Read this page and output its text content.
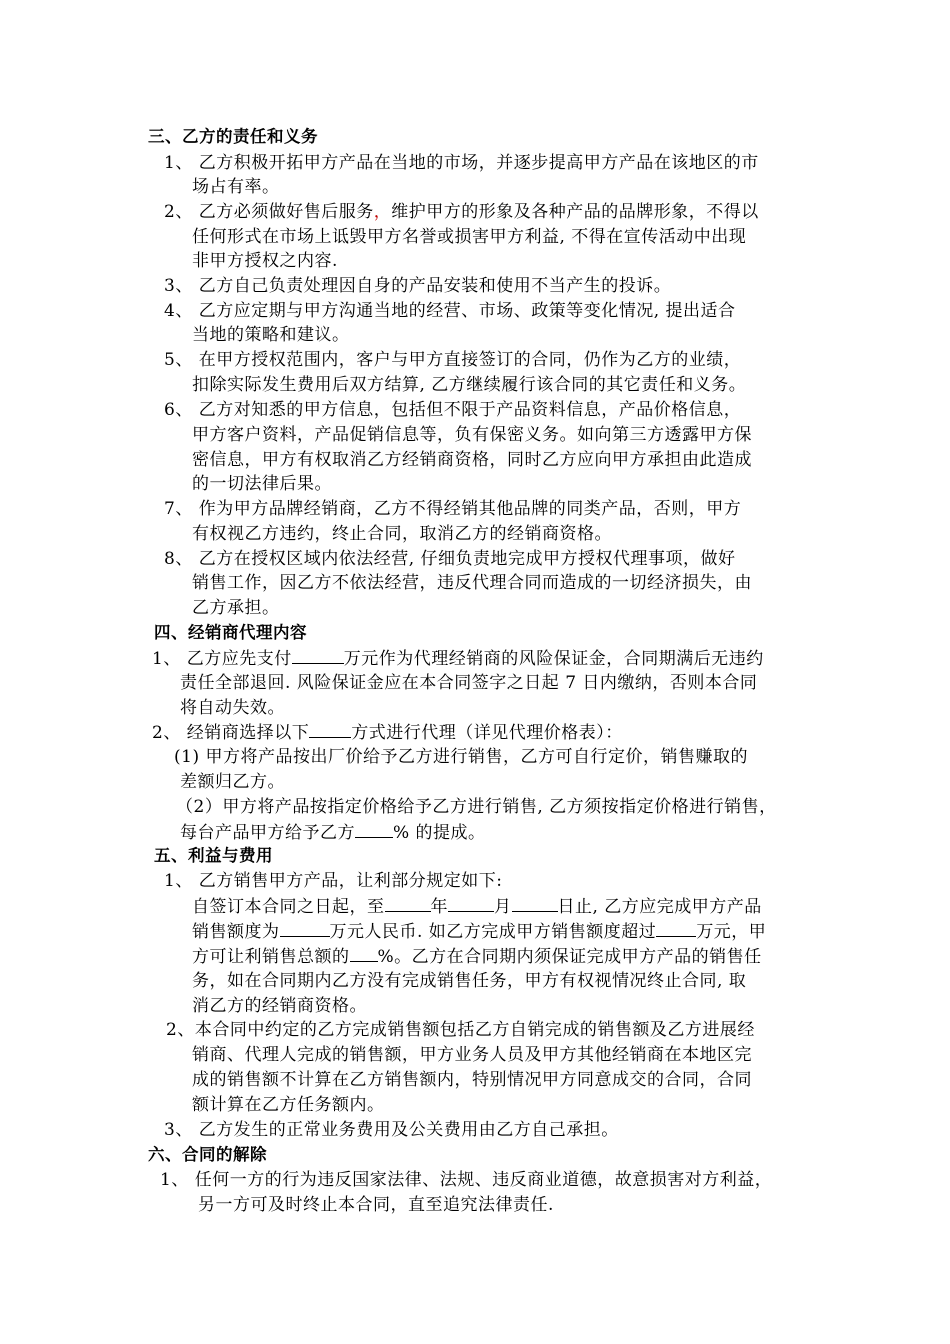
三、乙方的责任和义务
1、 乙方积极开拓甲方产品在当地的市场，并逐步提高甲方产品在该地区的市
场占有率。
2、 乙方必须做好售后服务，维护甲方的形象及各种产品的品牌形象，不得以
任何形式在市场上诋毁甲方名誉或损害甲方利益, 不得在宣传活动中出现
非甲方授权之内容.
3、 乙方自己负责处理因自身的产品安装和使用不当产生的投诉。
4、 乙方应定期与甲方沟通当地的经营、市场、政策等变化情况, 提出适合
当地的策略和建议。
5、 在甲方授权范围内，客户与甲方直接签订的合同，仍作为乙方的业绩，
扣除实际发生费用后双方结算, 乙方继续履行该合同的其它责任和义务。
6、 乙方对知悉的甲方信息，包括但不限于产品资料信息，产品价格信息，
甲方客户资料，产品促销信息等，负有保密义务。如向第三方透露甲方保
密信息，甲方有权取消乙方经销商资格，同时乙方应向甲方承担由此造成
的一切法律后果。
7、 作为甲方品牌经销商，乙方不得经销其他品牌的同类产品，否则，甲方
有权视乙方违约，终止合同，取消乙方的经销商资格。
8、 乙方在授权区域内依法经营, 仔细负责地完成甲方授权代理事项，做好
销售工作，因乙方不依法经营，违反代理合同而造成的一切经济损失，由
乙方承担。
四、经销商代理内容
1、 乙方应先支付	万元作为代理经销商的风险保证金，合同期满后无违约
责任全部退回. 风险保证金应在本合同签字之日起 7 日内缴纳，否则本合同
将自动失效。
2、 经销商选择以下 方式进行代理（详见代理价格表）：
(1) 甲方将产品按出厂价给予乙方进行销售，乙方可自行定价，销售赚取的
差额归乙方。
（2）甲方将产品按指定价格给予乙方进行销售, 乙方须按指定价格进行销售，
每台产品甲方给予乙方 % 的提成。
五、利益与费用
1、 乙方销售甲方产品，让利部分规定如下:
自签订本合同之日起，至	年	月	日止, 乙方应完成甲方产品
销售额度为	万元人民币. 如乙方完成甲方销售额度超过 万元，甲
方可让利销售总额的 %。乙方在合同期内须保证完成甲方产品的销售任
务，如在合同期内乙方没有完成销售任务，甲方有权视情况终止合同, 取
消乙方的经销商资格。
2、本合同中约定的乙方完成销售额包括乙方自销完成的销售额及乙方进展经
销商、代理人完成的销售额，甲方业务人员及甲方其他经销商在本地区完
成的销售额不计算在乙方销售额内，特别情况甲方同意成交的合同，合同
额计算在乙方任务额内。
3、 乙方发生的正常业务费用及公关费用由乙方自己承担。
六、合同的解除
1、 任何一方的行为违反国家法律、法规、违反商业道德，故意损害对方利益，
另一方可及时终止本合同，直至追究法律责任.
